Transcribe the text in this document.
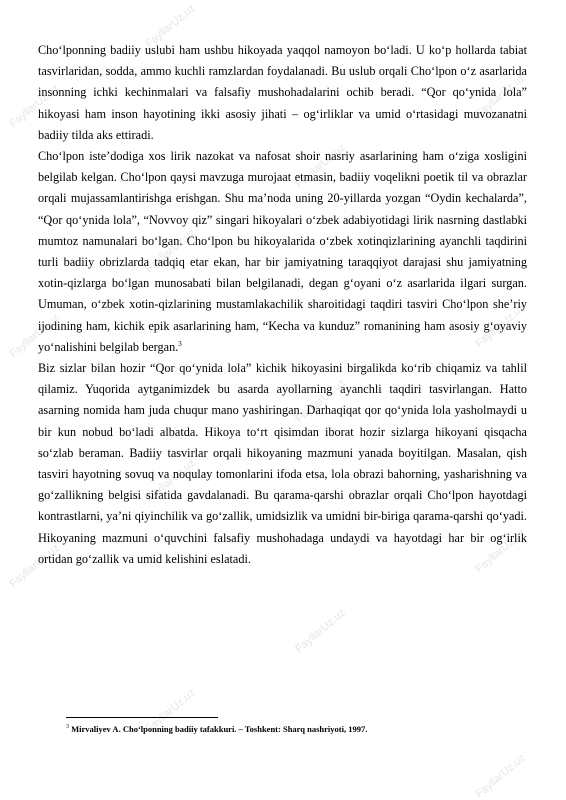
FayllarUz.uz
FayllarUz.uz
FayllarUz.uz
FayllarUz.uz
FayllarUz.uz
FayllarUz.uz
FayllarUz.uz
FayllarUz.uz
FayllarUz.uz
FayllarUz.uz
FayllarUz.uz
FayllarUz.uz
FayllarUz.uz
FayllarUz.uz

Cho‘lponning badiiy uslubi ham ushbu hikoyada yaqqol namoyon bo‘ladi. U ko‘p hollarda tabiat tasvirlaridan, sodda, ammo kuchli ramzlardan foydalanadi. Bu uslub orqali Cho‘lpon o‘z asarlarida insonning ichki kechinmalari va falsafiy mushohadalarini ochib beradi. “Qor qo‘ynida lola” hikoyasi ham inson hayotining ikki asosiy jihati – og‘irliklar va umid o‘rtasidagi muvozanatni badiiy tilda aks ettiradi.

Cho‘lpon iste’dodiga xos lirik nazokat va nafosat shoir nasriy asarlarining ham o‘ziga xosligini belgilab kelgan. Cho‘lpon qaysi mavzuga murojaat etmasin, badiiy voqelikni poetik til va obrazlar orqali mujassamlantirishga erishgan. Shu ma’noda uning 20-yillarda yozgan “Oydin kechalarda”, “Qor qo‘ynida lola”, “Novvoy qiz” singari hikoyalari o‘zbek adabiyotidagi lirik nasrning dastlabki mumtoz namunalari bo‘lgan. Cho‘lpon bu hikoyalarida o‘zbek xotinqizlarining ayanchli taqdirini turli badiiy obrizlarda tadqiq etar ekan, har bir jamiyatning taraqqiyot darajasi shu jamiyatning xotin-qizlarga bo‘lgan munosabati bilan belgilanadi, degan g‘oyani o‘z asarlarida ilgari surgan. Umuman, o‘zbek xotin-qizlarining mustamlakachilik sharoitidagi taqdiri tasviri Cho‘lpon she’riy ijodining ham, kichik epik asarlarining ham, “Kecha va kunduz” romanining ham asosiy g‘oyaviy yo‘nalishini belgilab bergan.$^3$

Biz sizlar bilan hozir “Qor qo‘ynida lola” kichik hikoyasini birgalikda ko‘rib chiqamiz va tahlil qilamiz. Yuqorida aytganimizdek bu asarda ayollarning ayanchli taqdiri tasvirlangan. Hatto asarning nomida ham juda chuqur mano yashiringan. Darhaqiqat qor qo‘ynida lola yasholmaydi u bir kun nobud bo‘ladi albatda. Hikoya to‘rt qisimdan iborat hozir sizlarga hikoyani qisqacha so‘zlab beraman. Badiiy tasvirlar orqali hikoyaning mazmuni yanada boyitilgan. Masalan, qish tasviri hayotning sovuq va noqulay tomonlarini ifoda etsa, lola obrazi bahorning, yasharishning va go‘zallikning belgisi sifatida gavdalanadi. Bu qarama-qarshi obrazlar orqali Cho‘lpon hayotdagi kontrastlarni, ya’ni qiyinchilik va go‘zallik, umidsizlik va umidni bir-biriga qarama-qarshi qo‘yadi. Hikoyaning mazmuni o‘quvchini falsafiy mushohadaga undaydi va hayotdagi har bir og‘irlik ortidan go‘zallik va umid kelishini eslatadi.

$^3$ Mirvaliyev A. Cho‘lponning badiiy tafakkuri. – Toshkent: Sharq nashriyoti, 1997.
